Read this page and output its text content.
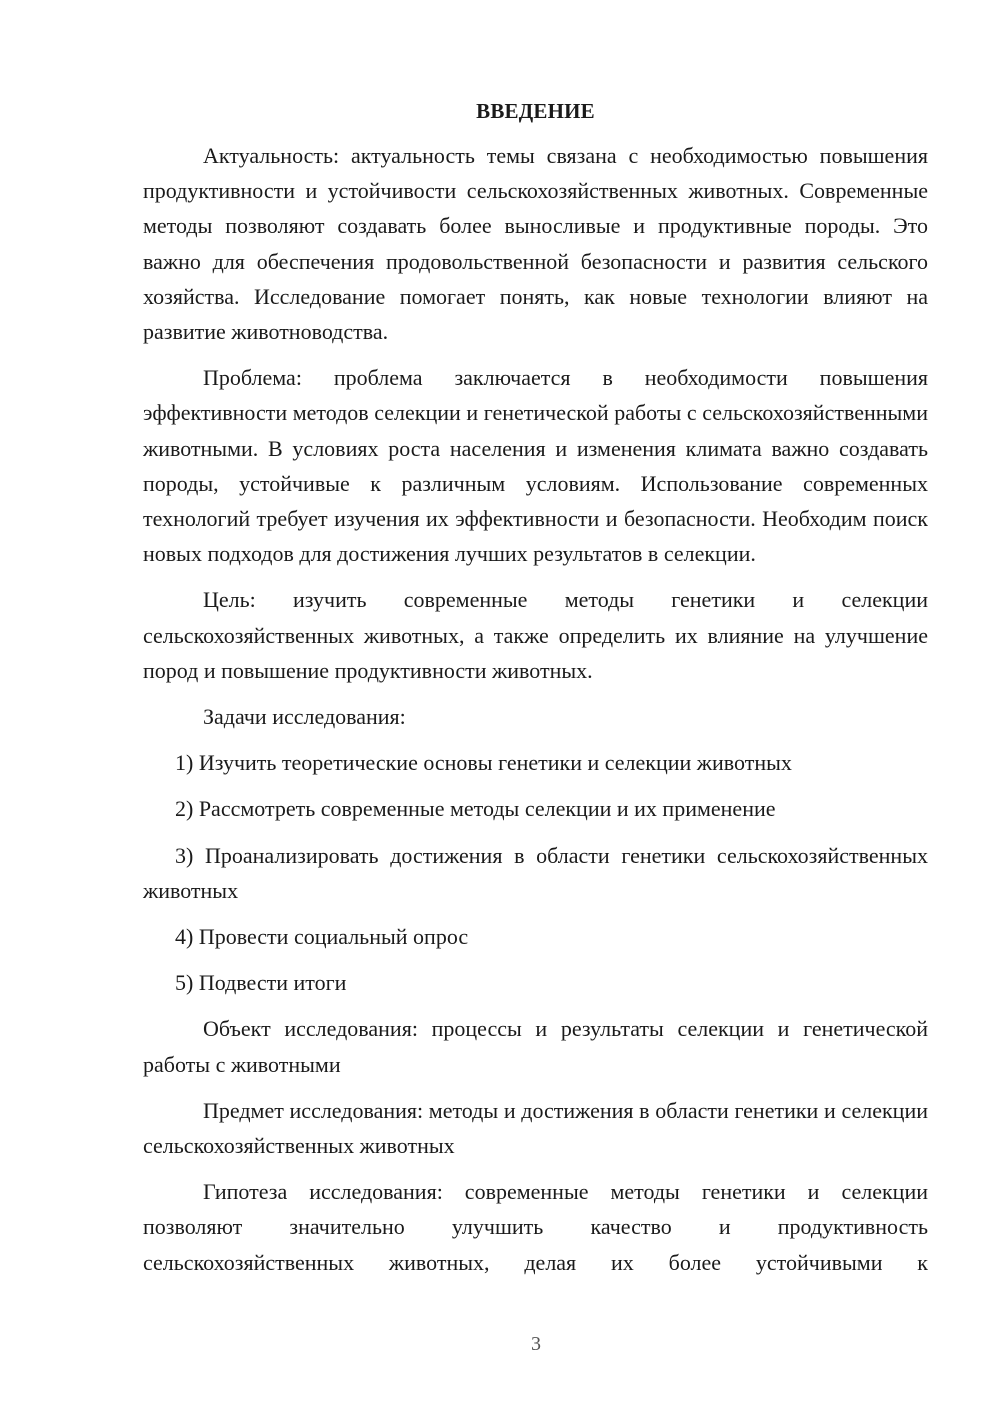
ВВЕДЕНИЕ

Актуальность: актуальность темы связана с необходимостью повышения продуктивности и устойчивости сельскохозяйственных животных. Современные методы позволяют создавать более выносливые и продуктивные породы. Это важно для обеспечения продовольственной безопасности и развития сельского хозяйства. Исследование помогает понять, как новые технологии влияют на развитие животноводства.

Проблема: проблема заключается в необходимости повышения эффективности методов селекции и генетической работы с сельскохозяйственными животными. В условиях роста населения и изменения климата важно создавать породы, устойчивые к различным условиям. Использование современных технологий требует изучения их эффективности и безопасности. Необходим поиск новых подходов для достижения лучших результатов в селекции.

Цель: изучить современные методы генетики и селекции сельскохозяйственных животных, а также определить их влияние на улучшение пород и повышение продуктивности животных.

Задачи исследования:

1) Изучить теоретические основы генетики и селекции животных

2) Рассмотреть современные методы селекции и их применение

3) Проанализировать достижения в области генетики сельскохозяйственных животных

4) Провести социальный опрос

5) Подвести итоги

Объект исследования: процессы и результаты селекции и генетической работы с животными

Предмет исследования: методы и достижения в области генетики и селекции сельскохозяйственных животных

Гипотеза исследования: современные методы генетики и селекции позволяют значительно улучшить качество и продуктивность сельскохозяйственных животных, делая их более устойчивыми к

3
